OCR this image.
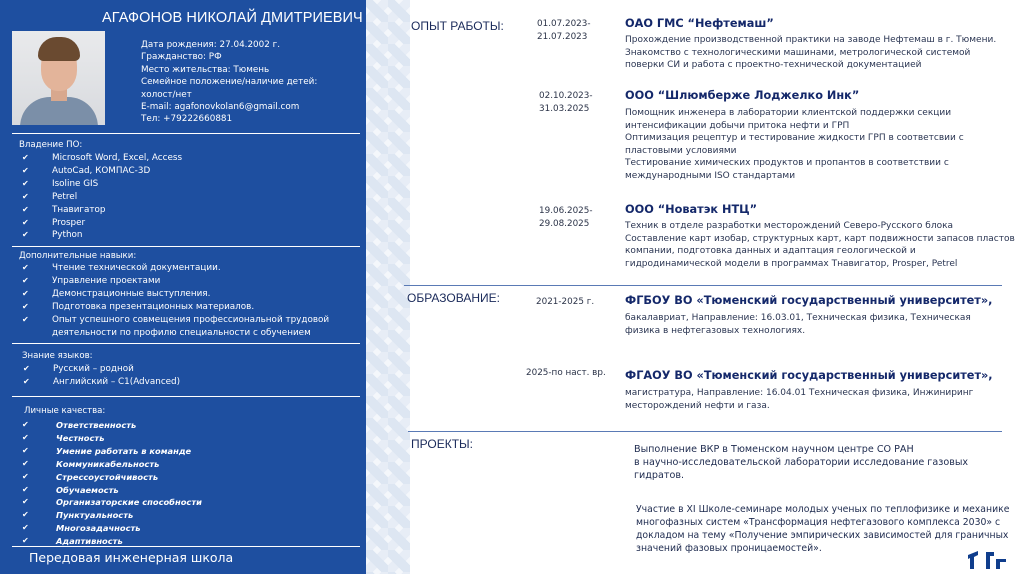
АГАФОНОВ НИКОЛАЙ ДМИТРИЕВИЧ
Дата рождения: 27.04.2002 г.
Гражданство: РФ
Место жительства: Тюмень
Семейное положение/наличие детей:
холост/нет
E-mail: agafonovkolan6@gmail.com
Тел: +79222660881
Владение ПО:
✔ Microsoft Word, Excel, Access
✔ AutoCad, КОМПАС-3D
✔ Isoline GIS
✔ Petrel
✔ Тнавигатор
✔ Prosper
✔ Python
Дополнительные навыки:
✔ Чтение технической документации.
✔ Управление проектами
✔ Демонстрационные выступления.
✔ Подготовка презентационных материалов.
✔ Опыт успешного совмещения профессиональной трудовой
деятельности по профилю специальности с обучением
Знание языков:
✔ Русский – родной
✔ Английский – С1(Advanced)
Личные качества:
✔ Ответственность
✔ Честность
✔ Умение работать в команде
✔ Коммуникабельность
✔ Стрессоустойчивость
✔ Обучаемость
✔ Организаторские способности
✔ Пунктуальность
✔ Многозадачность
✔ Адаптивность
Передовая инженерная школа
ОПЫТ РАБОТЫ:	01.07.2023-
21.07.2023
ОАО ГМС “Нефтемаш”
Прохождение производственной практики на заводе Нефтемаш в г. Тюмени.
Знакомство с технологическими машинами, метрологической системой
поверки СИ и работа с проектно-технической документацией
02.10.2023-
31.03.2025
ООО “Шлюмберже Лоджелко Инк”
Помощник инженера в лаборатории клиентской поддержки секции
интенсификации добычи притока нефти и ГРП
Оптимизация рецептур и тестирование жидкости ГРП в соответсвии с
пластовыми условиями
Тестирование химических продуктов и пропантов в соответствии с
международными ISO стандартами
19.06.2025-
29.08.2025
ООО “Новатэк НТЦ”
Техник в отделе разработки месторождений Северо-Русского блока
Составление карт изобар, структурных карт, карт подвижности запасов пластов
компании, подготовка данных и адаптация геологической и
гидродинамической модели в программах Тнавигатор, Prosper, Petrel
ОБРАЗОВАНИЕ:	2021-2025 г.	ФГБОУ ВО «Тюменский государственный университет»,
бакалавриат, Направление: 16.03.01, Техническая физика, Техническая
физика в нефтегазовых технологиях.
2025-по наст. вр. ФГАОУ ВО «Тюменский государственный университет»,
магистратура, Направление: 16.04.01 Техническая физика, Инжиниринг
месторождений нефти и газа.
ПРОЕКТЫ:	Выполнение ВКР в Тюменском научном центре СО РАН
в научно-исследовательской лаборатории исследование газовых
гидратов.
Участие в XI Школе-семинаре молодых ученых по теплофизике и механике
многофазных систем «Трансформация нефтегазового комплекса 2030» с
докладом на тему «Получение эмпирических зависимостей для граничных
значений фазовых проницаемостей».
